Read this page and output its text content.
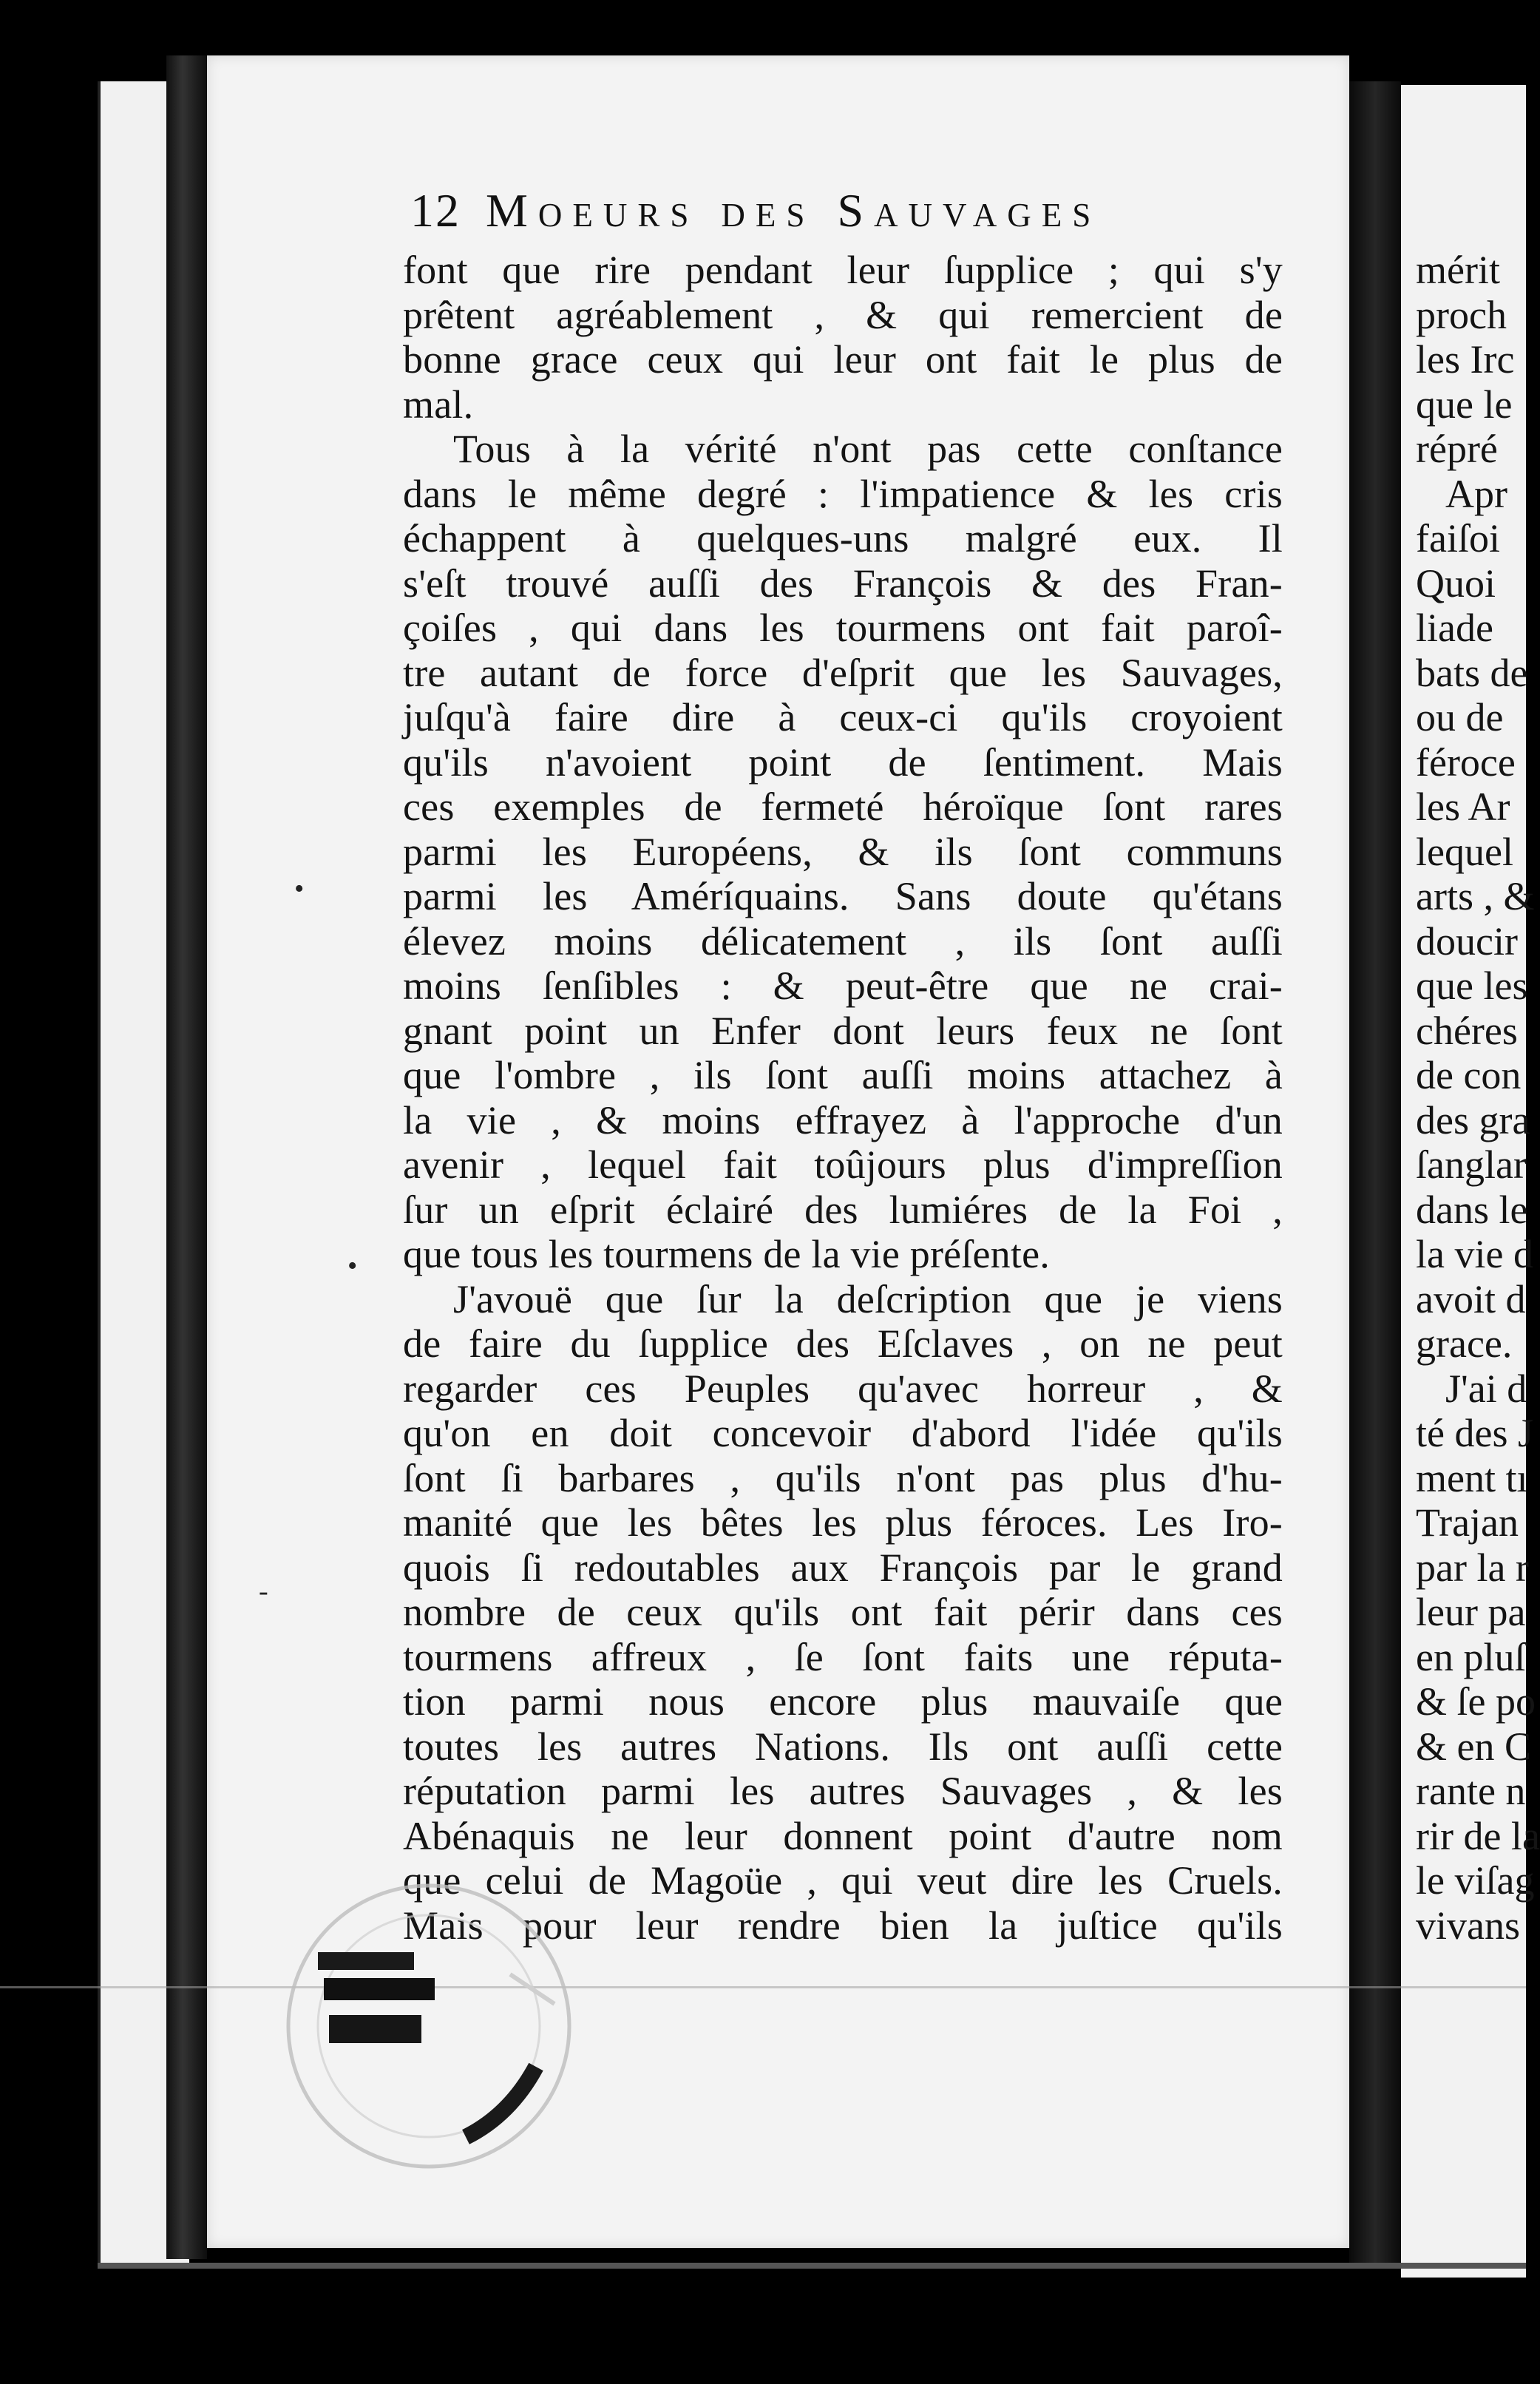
12 Moeurs des Sauvages
font que rire pendant leur ſupplice ; qui s'y
prêtent agréablement , & qui remercient de
bonne grace ceux qui leur ont fait le plus de
mal.
Tous à la vérité n'ont pas cette conſtance
dans le même degré : l'impatience & les cris
échappent à quelques-uns malgré eux. Il
s'eſt trouvé auſſi des François & des Fran-
çoiſes , qui dans les tourmens ont fait paroî-
tre autant de force d'eſprit que les Sauvages,
juſqu'à faire dire à ceux-ci qu'ils croyoient
qu'ils n'avoient point de ſentiment. Mais
ces exemples de fermeté héroïque ſont rares
parmi les Européens, & ils ſont communs
parmi les Améríquains. Sans doute qu'étans
élevez moins délicatement , ils ſont auſſi
moins ſenſibles : & peut-être que ne crai-
gnant point un Enfer dont leurs feux ne ſont
que l'ombre , ils ſont auſſi moins attachez à
la vie , & moins effrayez à l'approche d'un
avenir , lequel fait toûjours plus d'impreſſion
ſur un eſprit éclairé des lumiéres de la Foi ,
que tous les tourmens de la vie préſente.
J'avouë que ſur la deſcription que je viens
de faire du ſupplice des Eſclaves , on ne peut
regarder ces Peuples qu'avec horreur , &
qu'on en doit concevoir d'abord l'idée qu'ils
ſont ſi barbares , qu'ils n'ont pas plus d'hu-
manité que les bêtes les plus féroces. Les Iro-
quois ſi redoutables aux François par le grand
nombre de ceux qu'ils ont fait périr dans ces
tourmens affreux , ſe ſont faits une réputa-
tion parmi nous encore plus mauvaiſe que
toutes les autres Nations. Ils ont auſſi cette
réputation parmi les autres Sauvages , & les
Abénaquis ne leur donnent point d'autre nom
que celui de Magoüe , qui veut dire les Cruels.
Mais pour leur rendre bien la juſtice qu'ils
mérit
proch
les Irc
que le
répré
Apr
faiſoi
Quoi
liade
bats de
ou de
féroce
les Ar
lequel
arts , &
doucir
que les
chéres
de con
des gra
ſanglar
dans le
la vie d
avoit d
grace.
J'ai d
té des J
ment tı
Trajan
par la r
leur pa
en pluſ
& ſe po
& en C
rante n
rir de la
le viſag
vivans
•
•
-
